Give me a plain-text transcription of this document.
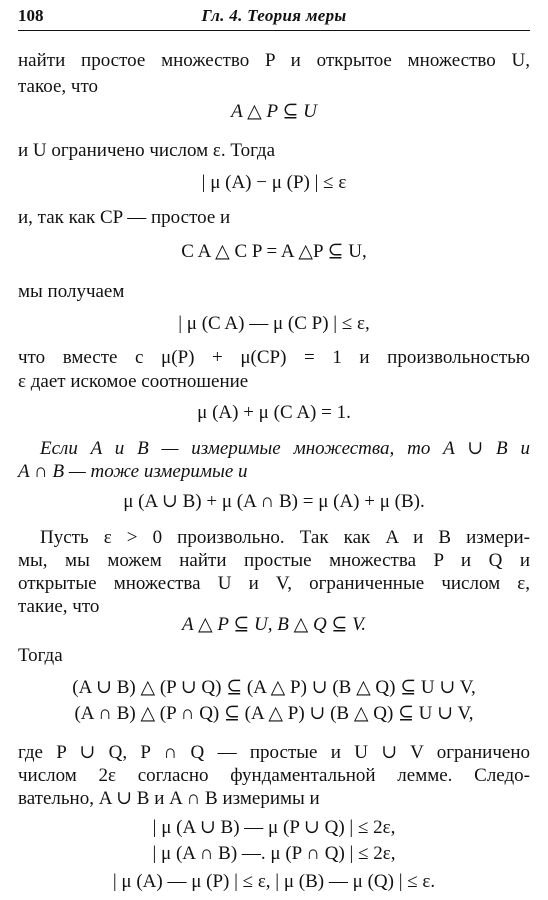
108	Гл. 4. Теория меры
найти простое множество P и открытое множество U,
такое, что
A △ P ⊆ U
и U ограничено числом ε. Тогда
| μ (A) − μ (P) | ≤ ε
и, так как CP — простое и
C A △ C P = A △P ⊆ U,
мы получаем
| μ (C A) — μ (C P) | ≤ ε,
что вместе с μ(P) + μ(CP) = 1 и произвольностью
ε дает искомое соотношение
μ (A) + μ (C A) = 1.
Если A и B — измеримые множества, то A ∪ B и
A ∩ B — тоже измеримые и
μ (A ∪ B) + μ (A ∩ B) = μ (A) + μ (B).
Пусть ε > 0 произвольно. Так как A и B измери-
мы, мы можем найти простые множества P и Q и
открытые множества U и V, ограниченные числом ε,
такие, что
A △ P ⊆ U, B △ Q ⊆ V.
Тогда
(A ∪ B) △ (P ∪ Q) ⊆ (A △ P) ∪ (B △ Q) ⊆ U ∪ V,
(A ∩ B) △ (P ∩ Q) ⊆ (A △ P) ∪ (B △ Q) ⊆ U ∪ V,
где P ∪ Q, P ∩ Q — простые и U ∪ V ограничено
числом 2ε согласно фундаментальной лемме. Следо-
вательно, A ∪ B и A ∩ B измеримы и
| μ (A ∪ B) — μ (P ∪ Q) | ≤ 2ε,
| μ (A ∩ B) —. μ (P ∩ Q) | ≤ 2ε,
| μ (A) — μ (P) | ≤ ε, | μ (B) — μ (Q) | ≤ ε.
